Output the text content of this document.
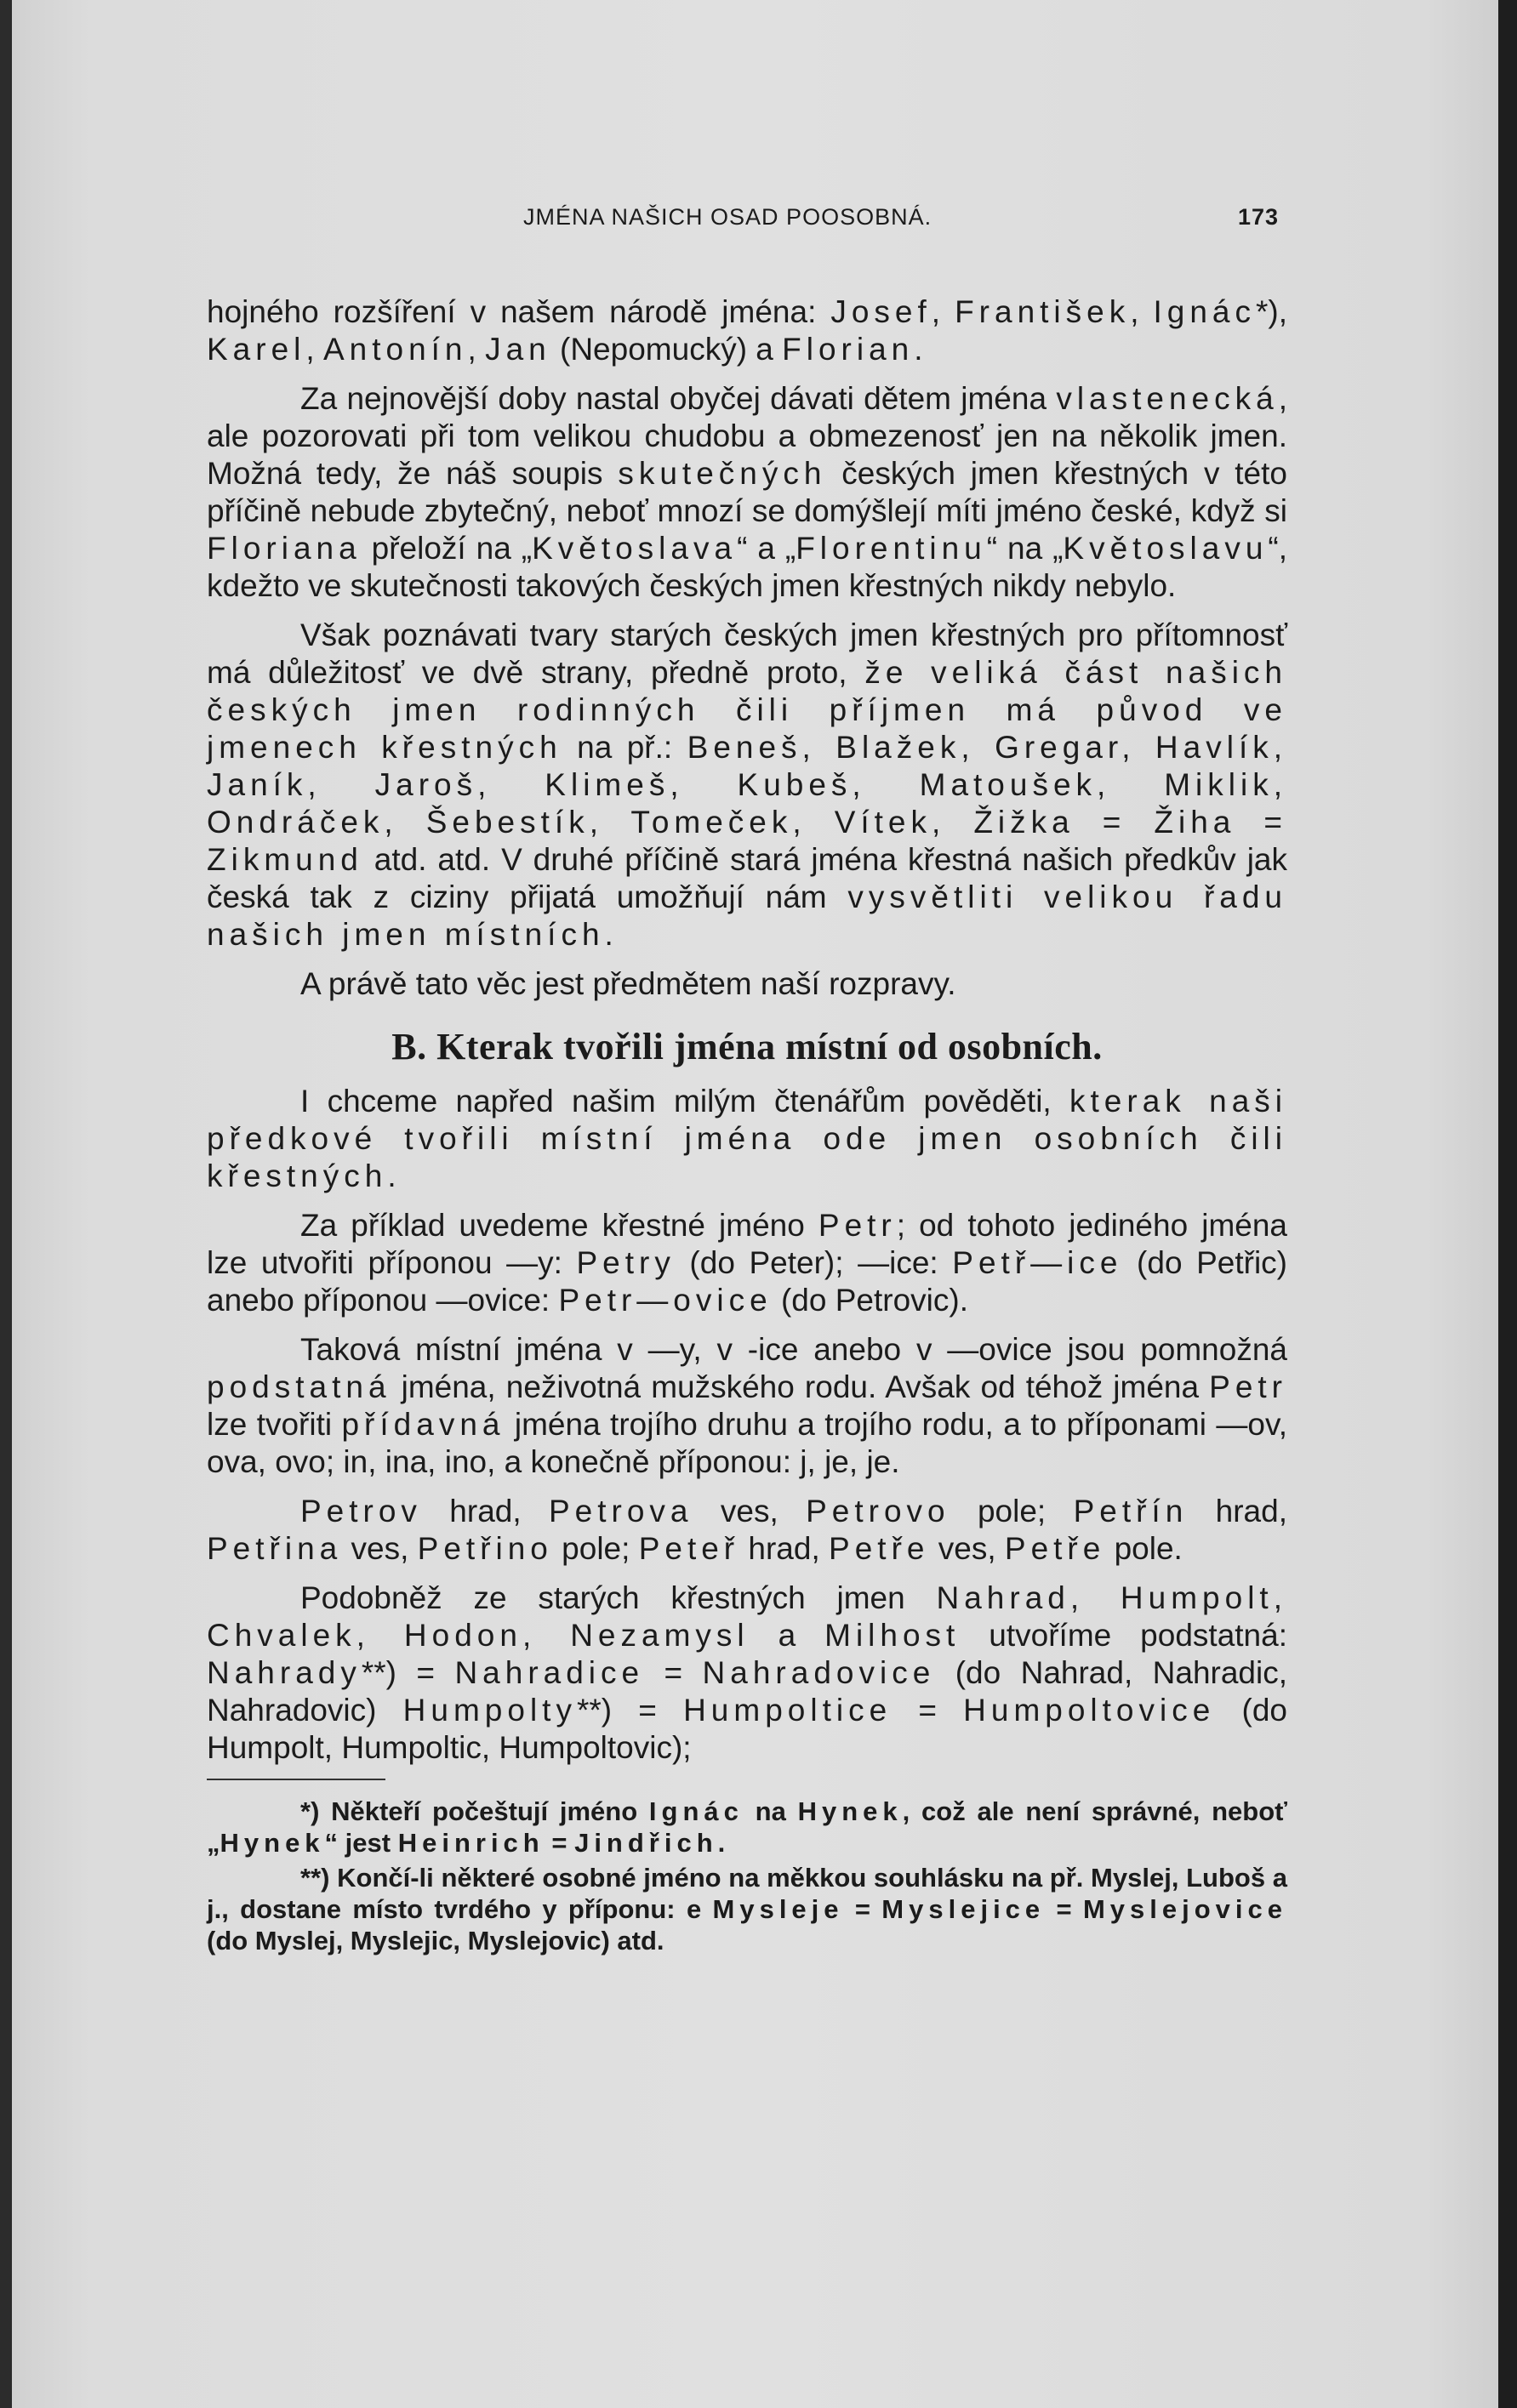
JMÉNA NAŠICH OSAD POOSOBNÁ.	173

hojného rozšíření v našem národě jména: Josef, František, Ignác*), Karel, Antonín, Jan (Nepomucký) a Florian.

Za nejnovější doby nastal obyčej dávati dětem jména vlastenecká, ale pozorovati při tom velikou chudobu a obmezenosť jen na několik jmen. Možná tedy, že náš soupis skutečných českých jmen křestných v této příčině nebude zbytečný, neboť mnozí se domýšlejí míti jméno české, když si Floriana přeloží na „Květoslava“ a „Florentinu“ na „Květoslavu“, kdežto ve skutečnosti takových českých jmen křestných nikdy nebylo.

Však poznávati tvary starých českých jmen křestných pro přítomnosť má důležitosť ve dvě strany, předně proto, že veliká část našich českých jmen rodinných čili příjmen má původ ve jmenech křestných na př.: Beneš, Blažek, Gregar, Havlík, Janík, Jaroš, Klimeš, Kubeš, Matoušek, Miklik, Ondráček, Šebestík, Tomeček, Vítek, Žižka = Žiha = Zikmund atd. atd. V druhé příčině stará jména křestná našich předkův jak česká tak z ciziny přijatá umožňují nám vysvětliti velikou řadu našich jmen místních.

A právě tato věc jest předmětem naší rozpravy.

B. Kterak tvořili jména místní od osobních.

I chceme napřed našim milým čtenářům pověděti, kterak naši předkové tvořili místní jména ode jmen osobních čili křestných.

Za příklad uvedeme křestné jméno Petr; od tohoto jediného jména lze utvořiti příponou —y: Petry (do Peter); —ice: Petř—ice (do Petřic) anebo příponou —ovice: Petr—ovice (do Petrovic).

Taková místní jména v —y, v -ice anebo v —ovice jsou pomnožná podstatná jména, neživotná mužského rodu. Avšak od téhož jména Petr lze tvořiti přídavná jména trojího druhu a trojího rodu, a to příponami —ov, ova, ovo; in, ina, ino, a konečně příponou: j, je, je.

Petrov hrad, Petrova ves, Petrovo pole; Petřín hrad, Petřina ves, Petřino pole; Peteř hrad, Petře ves, Petře pole.

Podobněž ze starých křestných jmen Nahrad, Humpolt, Chvalek, Hodon, Nezamysl a Milhost utvoříme podstatná: Nahrady**) = Nahradice = Nahradovice (do Nahrad, Nahradic, Nahradovic) Humpolty**) = Humpoltice = Humpoltovice (do Humpolt, Humpoltic, Humpoltovic);

*) Někteří počeštují jméno Ignác na Hynek, což ale není správné, neboť „Hynek“ jest Heinrich = Jindřich.

**) Končí-li některé osobné jméno na měkkou souhlásku na př. Myslej, Luboš a j., dostane místo tvrdého y příponu: e Mysleje = Myslejice = Myslejovice (do Myslej, Myslejic, Myslejovic) atd.
